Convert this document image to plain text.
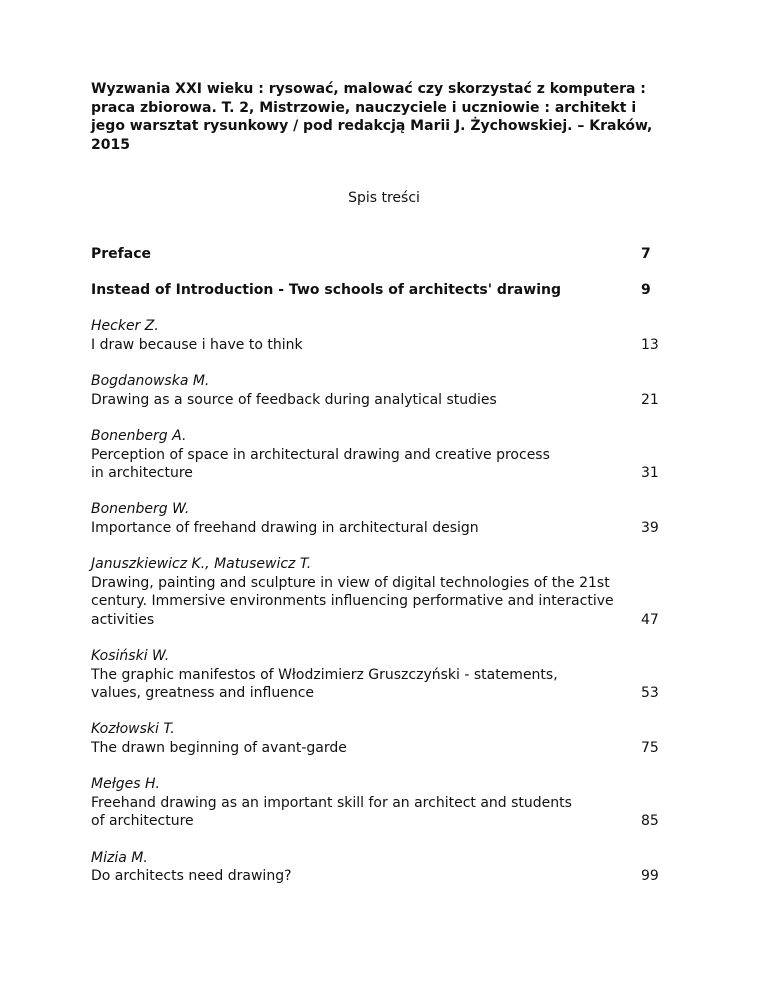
Wyzwania XXI wieku : rysować, malować czy skorzystać z komputera :
praca zbiorowa. T. 2, Mistrzowie, nauczyciele i uczniowie : architekt i
jego warsztat rysunkowy / pod redakcją Marii J. Żychowskiej. – Kraków,
2015
Spis treści
Preface	7
Instead of Introduction - Two schools of architects' drawing	9
Hecker Z.
I draw because i have to think	13
Bogdanowska M.
Drawing as a source of feedback during analytical studies	21
Bonenberg A.
Perception of space in architectural drawing and creative process
in architecture	31
Bonenberg W.
Importance of freehand drawing in architectural design	39
Januszkiewicz K., Matusewicz T.
Drawing, painting and sculpture in view of digital technologies of the 21st
century. Immersive environments influencing performative and interactive
activities	47
Kosiński W.
The graphic manifestos of Włodzimierz Gruszczyński - statements,
values, greatness and influence	53
Kozłowski T.
The drawn beginning of avant-garde	75
Mełges H.
Freehand drawing as an important skill for an architect and students
of architecture	85
Mizia M.
Do architects need drawing?	99
